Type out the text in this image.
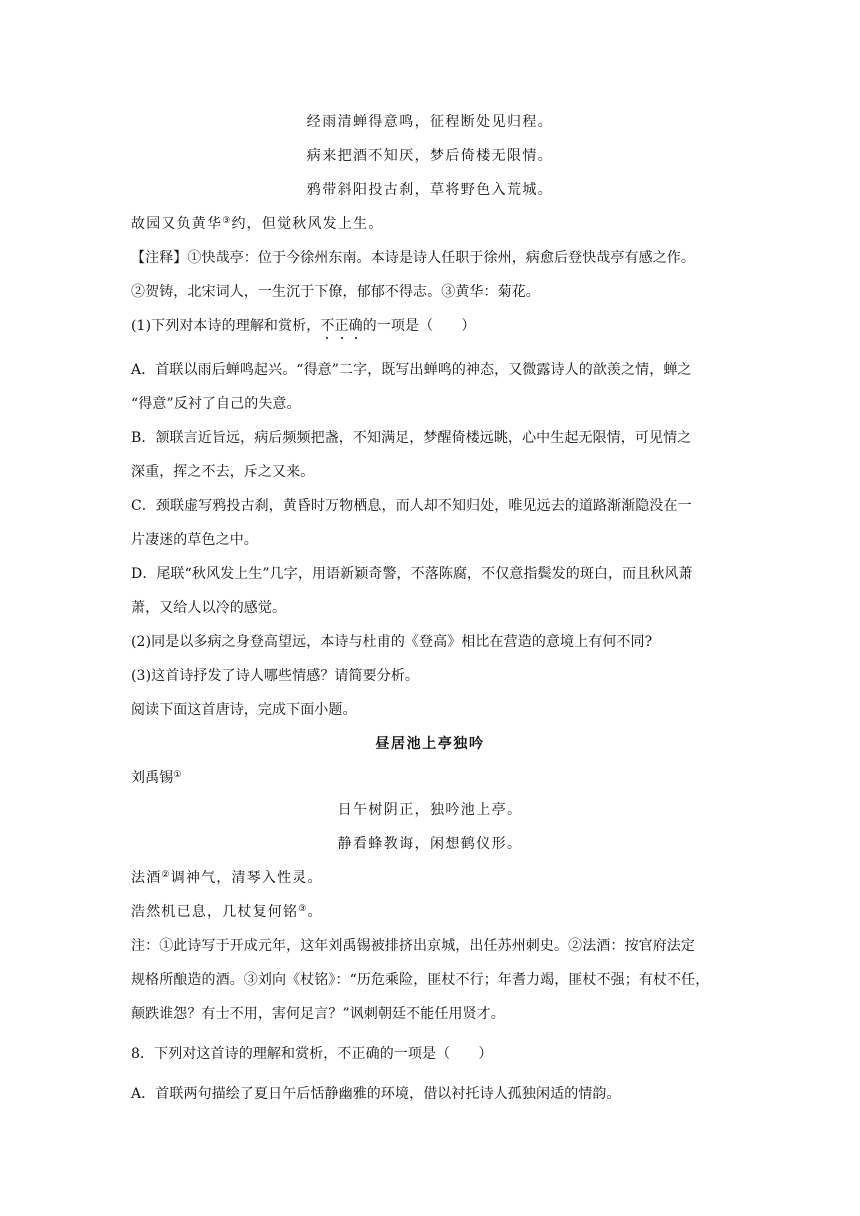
经雨清蝉得意鸣，征程断处见归程。
病来把酒不知厌，梦后倚楼无限情。
鸦带斜阳投古刹，草将野色入荒城。
故园又负黄华③约，但觉秋风发上生。
【注释】①快哉亭：位于今徐州东南。本诗是诗人任职于徐州，病愈后登快哉亭有感之作。
②贺铸，北宋词人，一生沉于下僚，郁郁不得志。③黄华：菊花。
(1)下列对本诗的理解和赏析，不正确的一项是（　　）
A．首联以雨后蝉鸣起兴。“得意”二字，既写出蝉鸣的神态，又微露诗人的歆羡之情，蝉之
“得意”反衬了自己的失意。
B．颔联言近旨远，病后频频把盏，不知满足，梦醒倚楼远眺，心中生起无限情，可见情之
深重，挥之不去，斥之又来。
C．颈联虚写鸦投古刹，黄昏时万物栖息，而人却不知归处，唯见远去的道路渐渐隐没在一
片凄迷的草色之中。
D．尾联“秋风发上生”几字，用语新颖奇警，不落陈腐，不仅意指鬓发的斑白，而且秋风萧
萧，又给人以冷的感觉。
(2)同是以多病之身登高望远，本诗与杜甫的《登高》相比在营造的意境上有何不同?
(3)这首诗抒发了诗人哪些情感？请简要分析。
阅读下面这首唐诗，完成下面小题。
昼居池上亭独吟
刘禹锡①
日午树阴正，独吟池上亭。
静看蜂教诲，闲想鹤仪形。
法酒②调神气，清琴入性灵。
浩然机已息，几杖复何铭③。
注：①此诗写于开成元年，这年刘禹锡被排挤出京城，出任苏州刺史。②法酒：按官府法定
规格所酿造的酒。③刘向《杖铭》：“历危乘险，匪杖不行；年耆力竭，匪杖不强；有杖不任，
颠跌谁怨？有士不用，害何足言？”讽刺朝廷不能任用贤才。
8．下列对这首诗的理解和赏析，不正确的一项是（　　）
A．首联两句描绘了夏日午后恬静幽雅的环境，借以衬托诗人孤独闲适的情韵。
